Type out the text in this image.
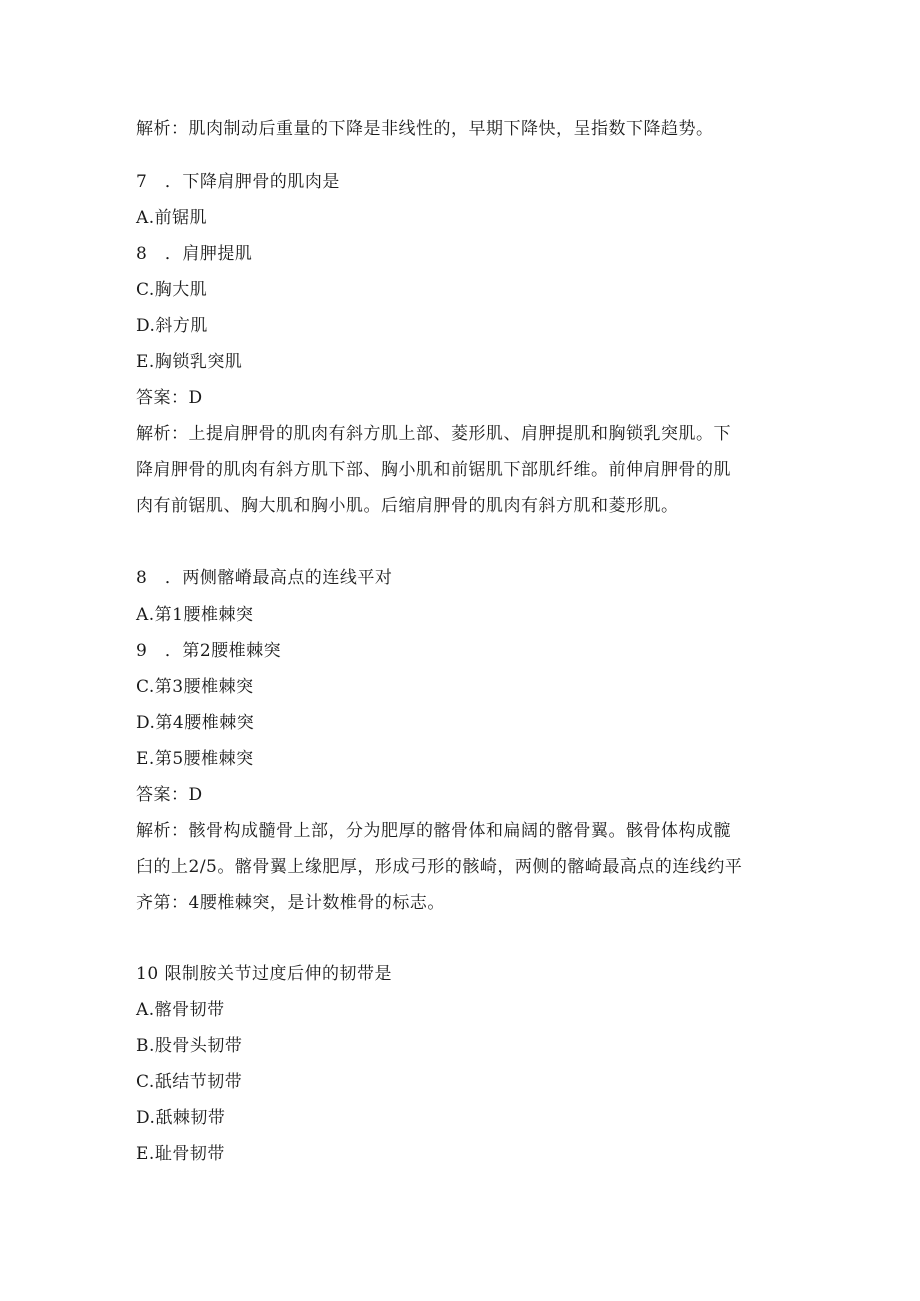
解析：肌肉制动后重量的下降是非线性的，早期下降快，呈指数下降趋势。
7　．下降肩胛骨的肌肉是
A.前锯肌
8　．肩胛提肌
C.胸大肌
D.斜方肌
E.胸锁乳突肌
答案：D
解析：上提肩胛骨的肌肉有斜方肌上部、菱形肌、肩胛提肌和胸锁乳突肌。下
降肩胛骨的肌肉有斜方肌下部、胸小肌和前锯肌下部肌纤维。前伸肩胛骨的肌
肉有前锯肌、胸大肌和胸小肌。后缩肩胛骨的肌肉有斜方肌和菱形肌。
8　．两侧髂嵴最高点的连线平对
A.第1腰椎棘突
9　．第2腰椎棘突
C.第3腰椎棘突
D.第4腰椎棘突
E.第5腰椎棘突
答案：D
解析：骸骨构成髓骨上部，分为肥厚的髂骨体和扁阔的髂骨翼。骸骨体构成髋
臼的上2/5。髂骨翼上缘肥厚，形成弓形的骸崎，两侧的髂崎最高点的连线约平
齐第：4腰椎棘突，是计数椎骨的标志。
10 限制胺关节过度后伸的韧带是
A.髂骨韧带
B.股骨头韧带
C.舐结节韧带
D.舐棘韧带
E.耻骨韧带
